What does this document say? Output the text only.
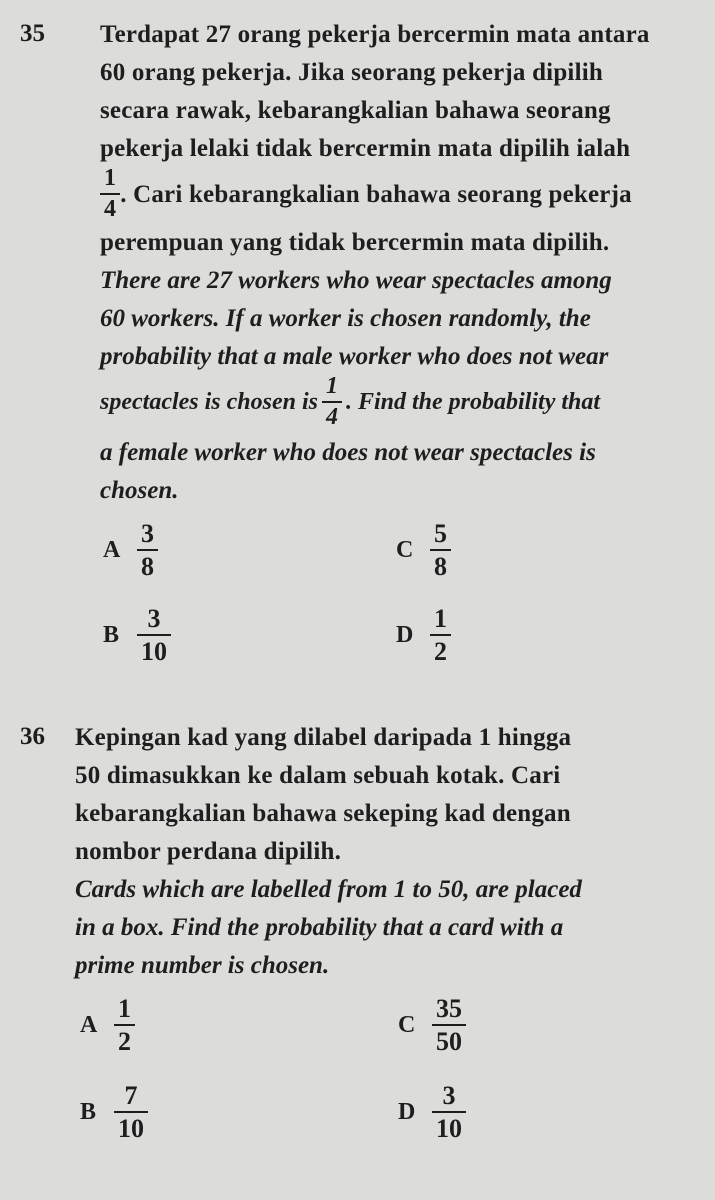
35 Terdapat 27 orang pekerja bercermin mata antara
60 orang pekerja. Jika seorang pekerja dipilih
secara rawak, kebarangkalian bahawa seorang
pekerja lelaki tidak bercermin mata dipilih ialah
$\frac{1}{4}$ . Cari kebarangkalian bahawa seorang pekerja
perempuan yang tidak bercermin mata dipilih.
There are 27 workers who wear spectacles among
60 workers. If a worker is chosen randomly, the
probability that a male worker who does not wear
spectacles is chosen is $\frac{1}{4}$ . Find the probability that
a female worker who does not wear spectacles is
chosen.
A $\frac{3}{8}$	C $\frac{5}{8}$
B $\frac{3}{10}$	D $\frac{1}{2}$
36 Kepingan kad yang dilabel daripada 1 hingga
50 dimasukkan ke dalam sebuah kotak. Cari
kebarangkalian bahawa sekeping kad dengan
nombor perdana dipilih.
Cards which are labelled from 1 to 50, are placed
in a box. Find the probability that a card with a
prime number is chosen.
A $\frac{1}{2}$	C $\frac{35}{50}$
B $\frac{7}{10}$	D $\frac{3}{10}$
